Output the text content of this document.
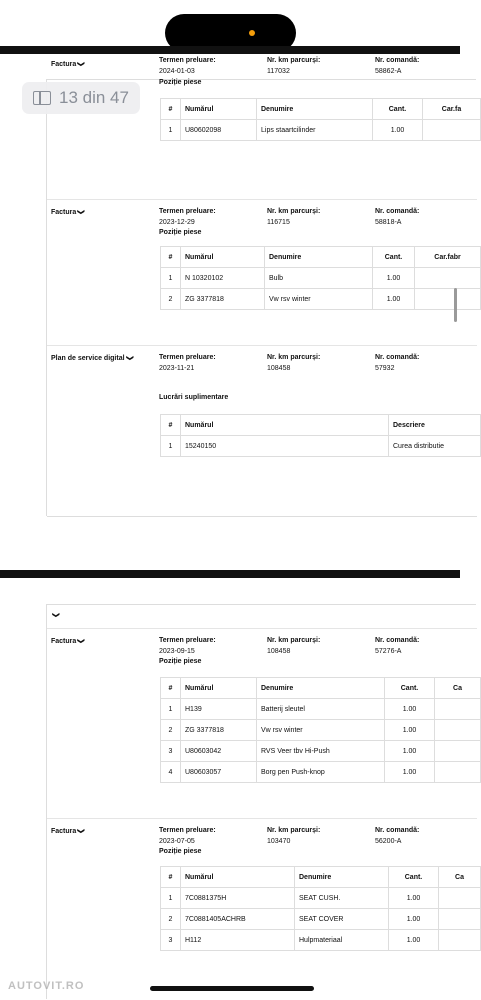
Factura❯	Termen preluare:
2024-01-03
Nr. km parcurși:
117032
Nr. comandă:
58862-A
Poziție piese
#	Numărul	Denumire	Cant.	Car.fa
1	U80602098	Lips staartcilinder	1.00	
Factura❯	Termen preluare:
2023-12-29
Nr. km parcurși:
116715
Nr. comandă:
58818-A
Poziție piese
#	Numărul	Denumire	Cant.	Car.fabr
1	N 10320102	Bulb	1.00	
2	ZG 3377818	Vw rsv winter	1.00	
Plan de service digital❯	Termen preluare:
2023-11-21
Nr. km parcurși:
108458
Nr. comandă:
57932
Lucrări suplimentare
#	Numărul	Descriere
1	15240150	Curea distributie
13 din 47
❯
Factura❯	Termen preluare:
2023-09-15
Nr. km parcurși:
108458
Nr. comandă:
57276-A
Poziție piese
#	Numărul	Denumire	Cant.	Ca
1	H139	Batterij sleutel	1.00	
2	ZG 3377818	Vw rsv winter	1.00	
3	U80603042	RVS Veer tbv Hi-Push	1.00	
4	U80603057	Borg pen Push-knop	1.00	
Factura❯	Termen preluare:
2023-07-05
Nr. km parcurși:
103470
Nr. comandă:
56200-A
Poziție piese
#	Numărul	Denumire	Cant.	Ca
1	7C0881375H	SEAT CUSH.	1.00	
2	7C0881405ACHRB	SEAT COVER	1.00	
3	H112	Hulpmateriaal	1.00	
AUTOVIT.RO
